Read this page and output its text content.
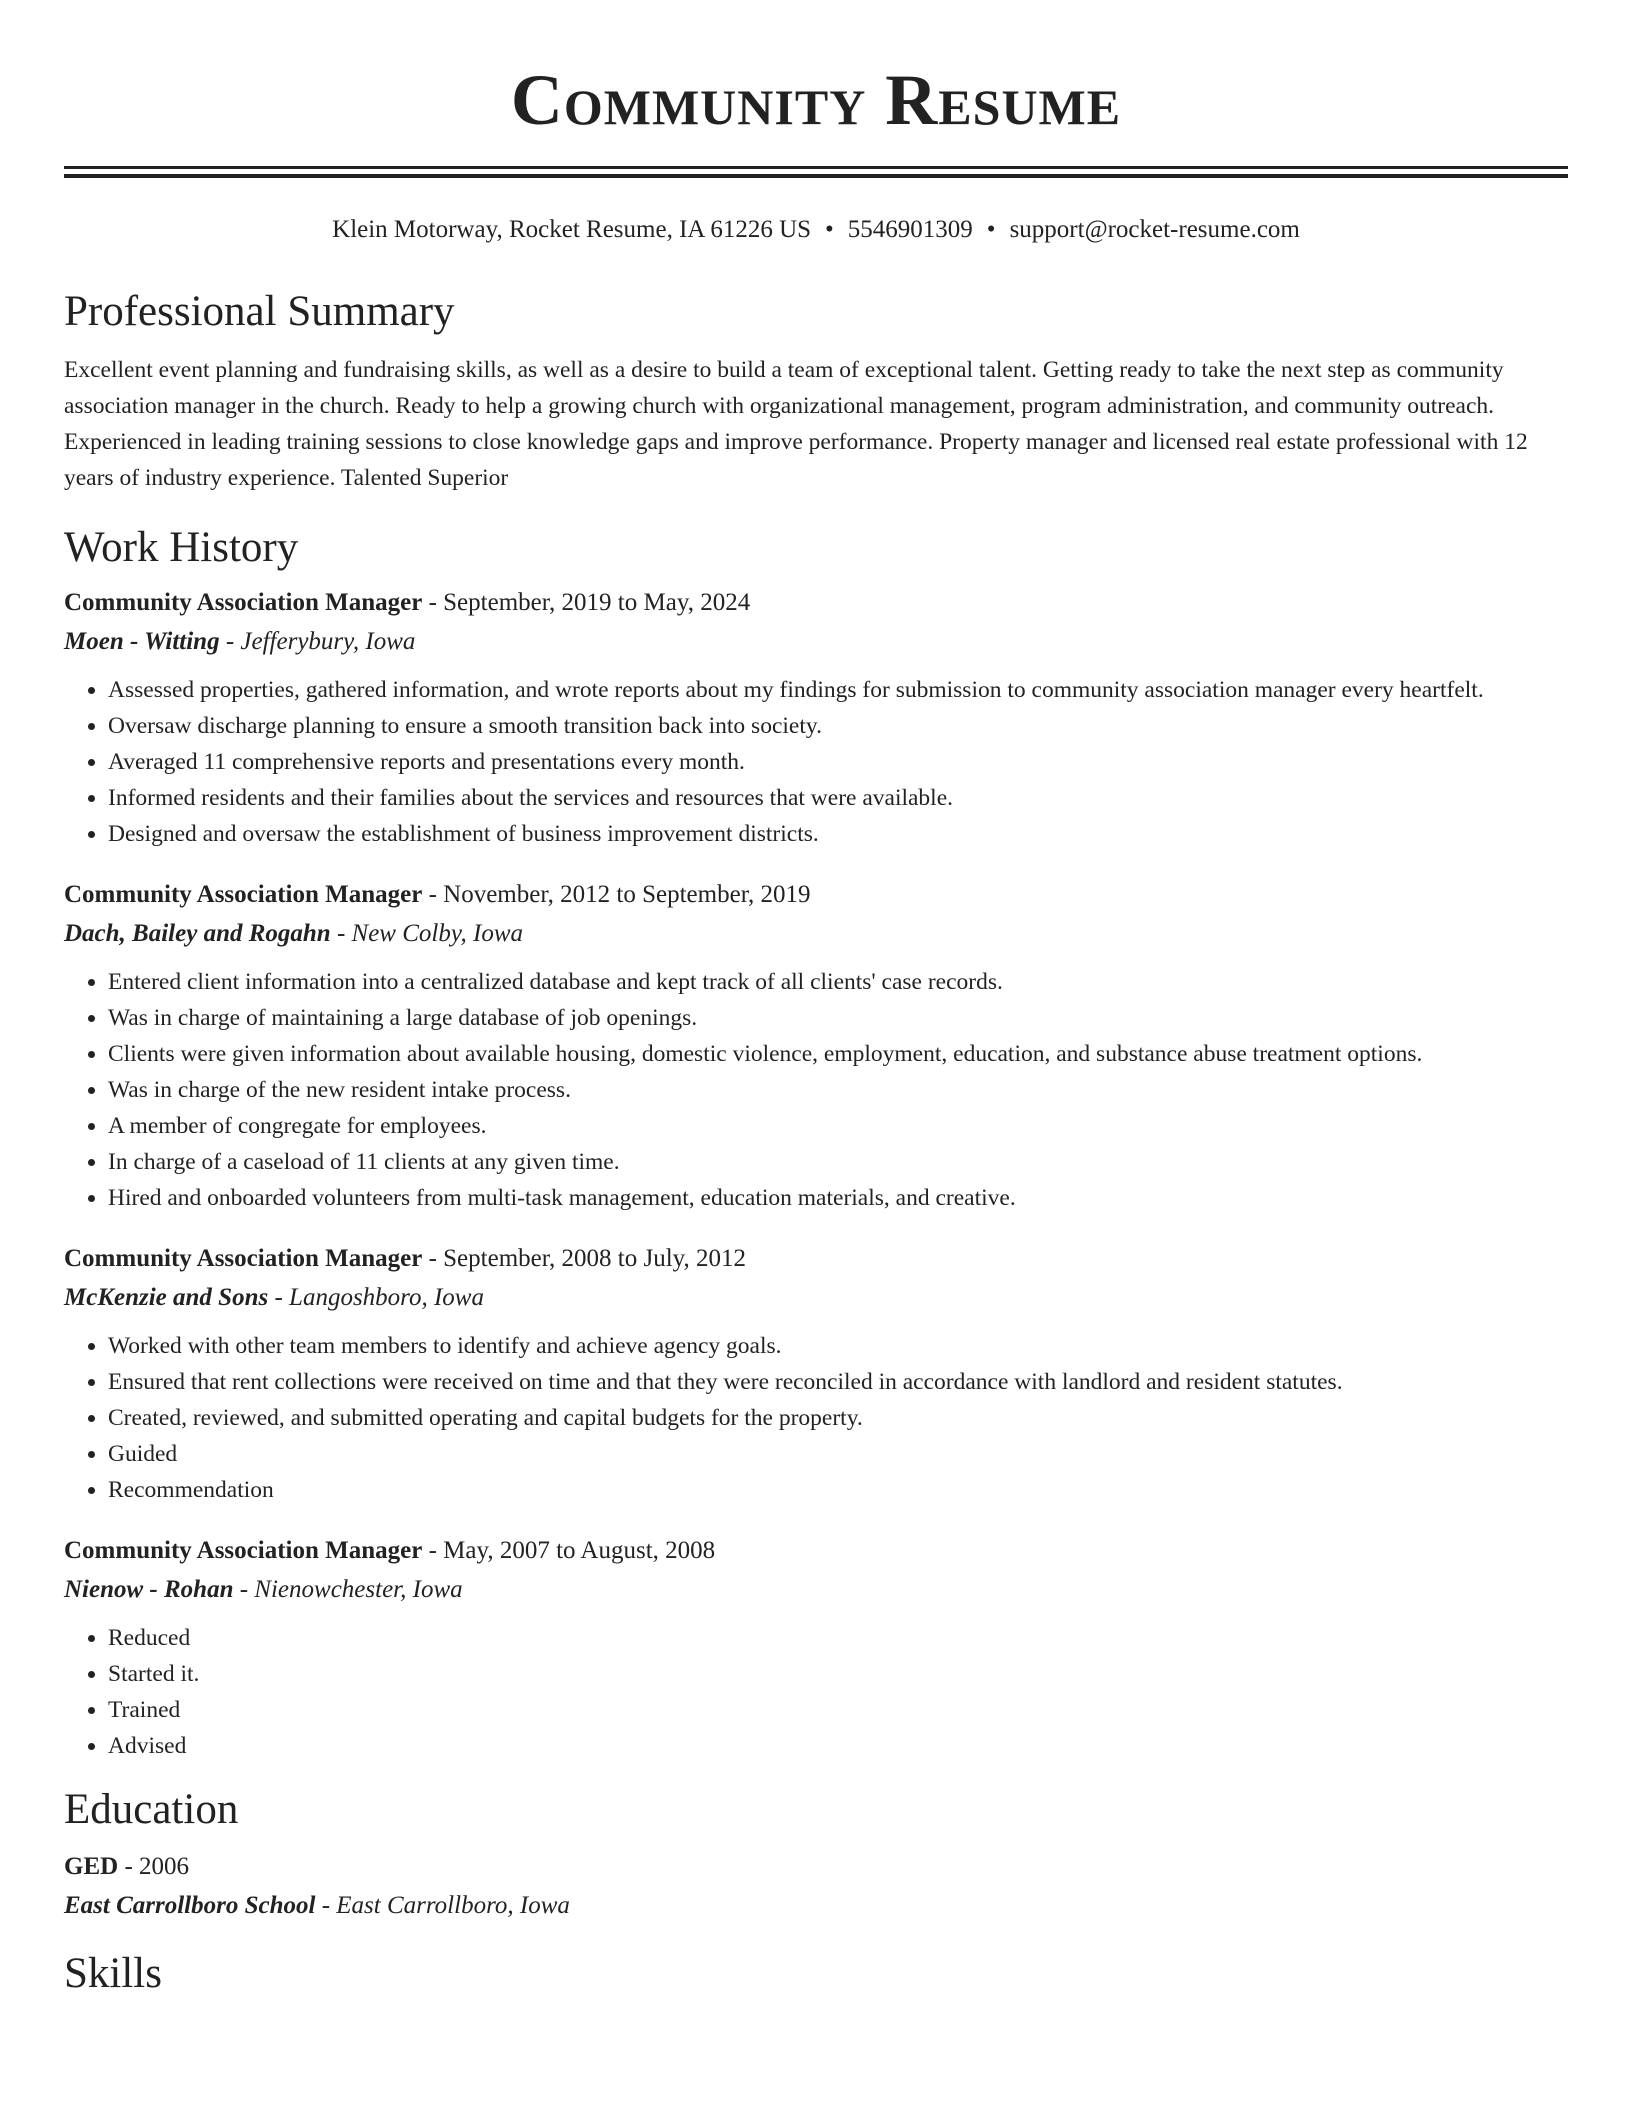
Community Resume
Klein Motorway, Rocket Resume, IA 61226 US • 5546901309 • support@rocket-resume.com
Professional Summary
Excellent event planning and fundraising skills, as well as a desire to build a team of exceptional talent. Getting ready to take the next step as community association manager in the church. Ready to help a growing church with organizational management, program administration, and community outreach. Experienced in leading training sessions to close knowledge gaps and improve performance. Property manager and licensed real estate professional with 12 years of industry experience. Talented Superior
Work History
Community Association Manager - September, 2019 to May, 2024
Moen - Witting - Jefferybury, Iowa
• Assessed properties, gathered information, and wrote reports about my findings for submission to community association manager every heartfelt.
• Oversaw discharge planning to ensure a smooth transition back into society.
• Averaged 11 comprehensive reports and presentations every month.
• Informed residents and their families about the services and resources that were available.
• Designed and oversaw the establishment of business improvement districts.
Community Association Manager - November, 2012 to September, 2019
Dach, Bailey and Rogahn - New Colby, Iowa
• Entered client information into a centralized database and kept track of all clients' case records.
• Was in charge of maintaining a large database of job openings.
• Clients were given information about available housing, domestic violence, employment, education, and substance abuse treatment options.
• Was in charge of the new resident intake process.
• A member of congregate for employees.
• In charge of a caseload of 11 clients at any given time.
• Hired and onboarded volunteers from multi-task management, education materials, and creative.
Community Association Manager - September, 2008 to July, 2012
McKenzie and Sons - Langoshboro, Iowa
• Worked with other team members to identify and achieve agency goals.
• Ensured that rent collections were received on time and that they were reconciled in accordance with landlord and resident statutes.
• Created, reviewed, and submitted operating and capital budgets for the property.
• Guided
• Recommendation
Community Association Manager - May, 2007 to August, 2008
Nienow - Rohan - Nienowchester, Iowa
• Reduced
• Started it.
• Trained
• Advised
Education
GED - 2006
East Carrollboro School - East Carrollboro, Iowa
Skills
